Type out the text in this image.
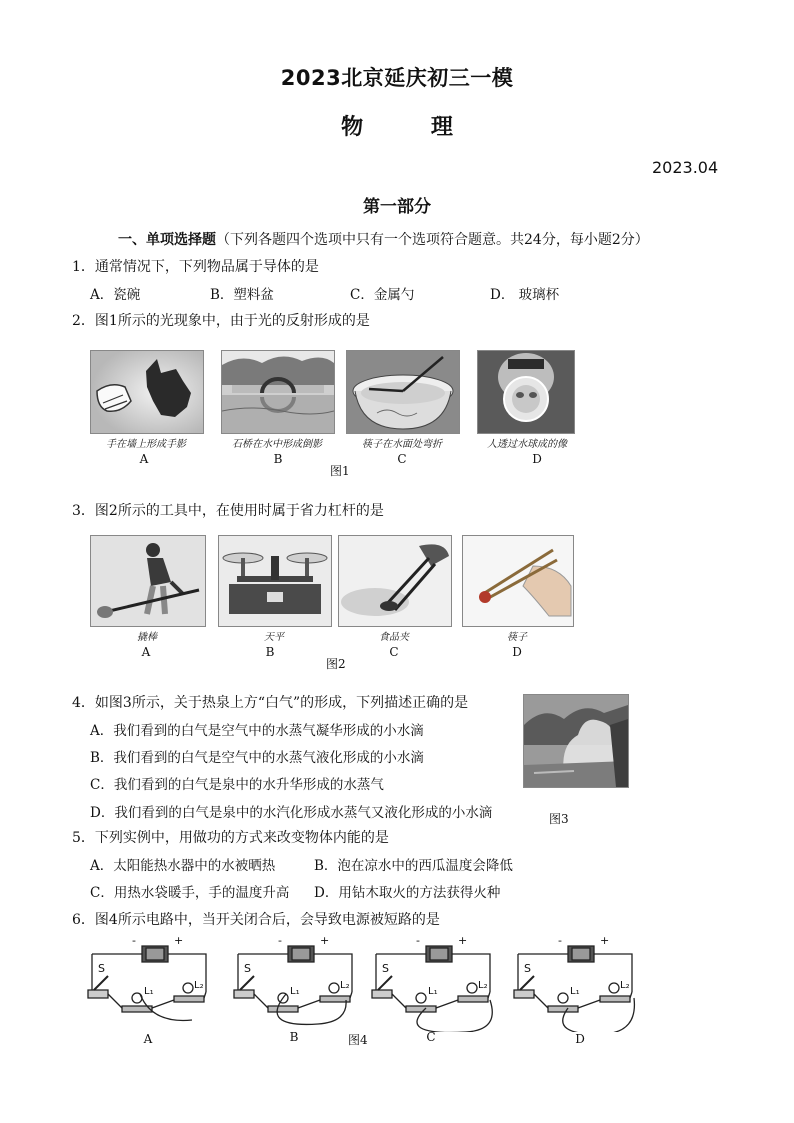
2023北京延庆初三一模
物 理
2023.04
第一部分
一、单项选择题（下列各题四个选项中只有一个选项符合题意。共24分，每小题2分）
1．通常情况下，下列物品属于导体的是
A．瓷碗	B．塑料盆	C．金属勺	D． 玻璃杯
2．图1所示的光现象中，由于光的反射形成的是
手在墙上形成手影	石桥在水中形成倒影	筷子在水面处弯折	人透过水球成的像
A	B	C	D
图1
3．图2所示的工具中，在使用时属于省力杠杆的是
撬棒	天平	食品夹	筷子
A	B	C	D
图2
4．如图3所示，关于热泉上方“白气”的形成，下列描述正确的是
A．我们看到的白气是空气中的水蒸气凝华形成的小水滴
B．我们看到的白气是空气中的水蒸气液化形成的小水滴
C．我们看到的白气是泉中的水升华形成的水蒸气
D．我们看到的白气是泉中的水汽化形成水蒸气又液化形成的小水滴	图3
5．下列实例中，用做功的方式来改变物体内能的是
A．太阳能热水器中的水被晒热	B．泡在凉水中的西瓜温度会降低
C．用热水袋暖手，手的温度升高 D．用钻木取火的方法获得火种
6．图4所示电路中，当开关闭合后，会导致电源被短路的是
S
L₁
L₂
-	+
S
L₁
L₂
-	+
S
L₁
L₂
-	+
S
L₁
L₂
-	+
A	B	C	D
图4
